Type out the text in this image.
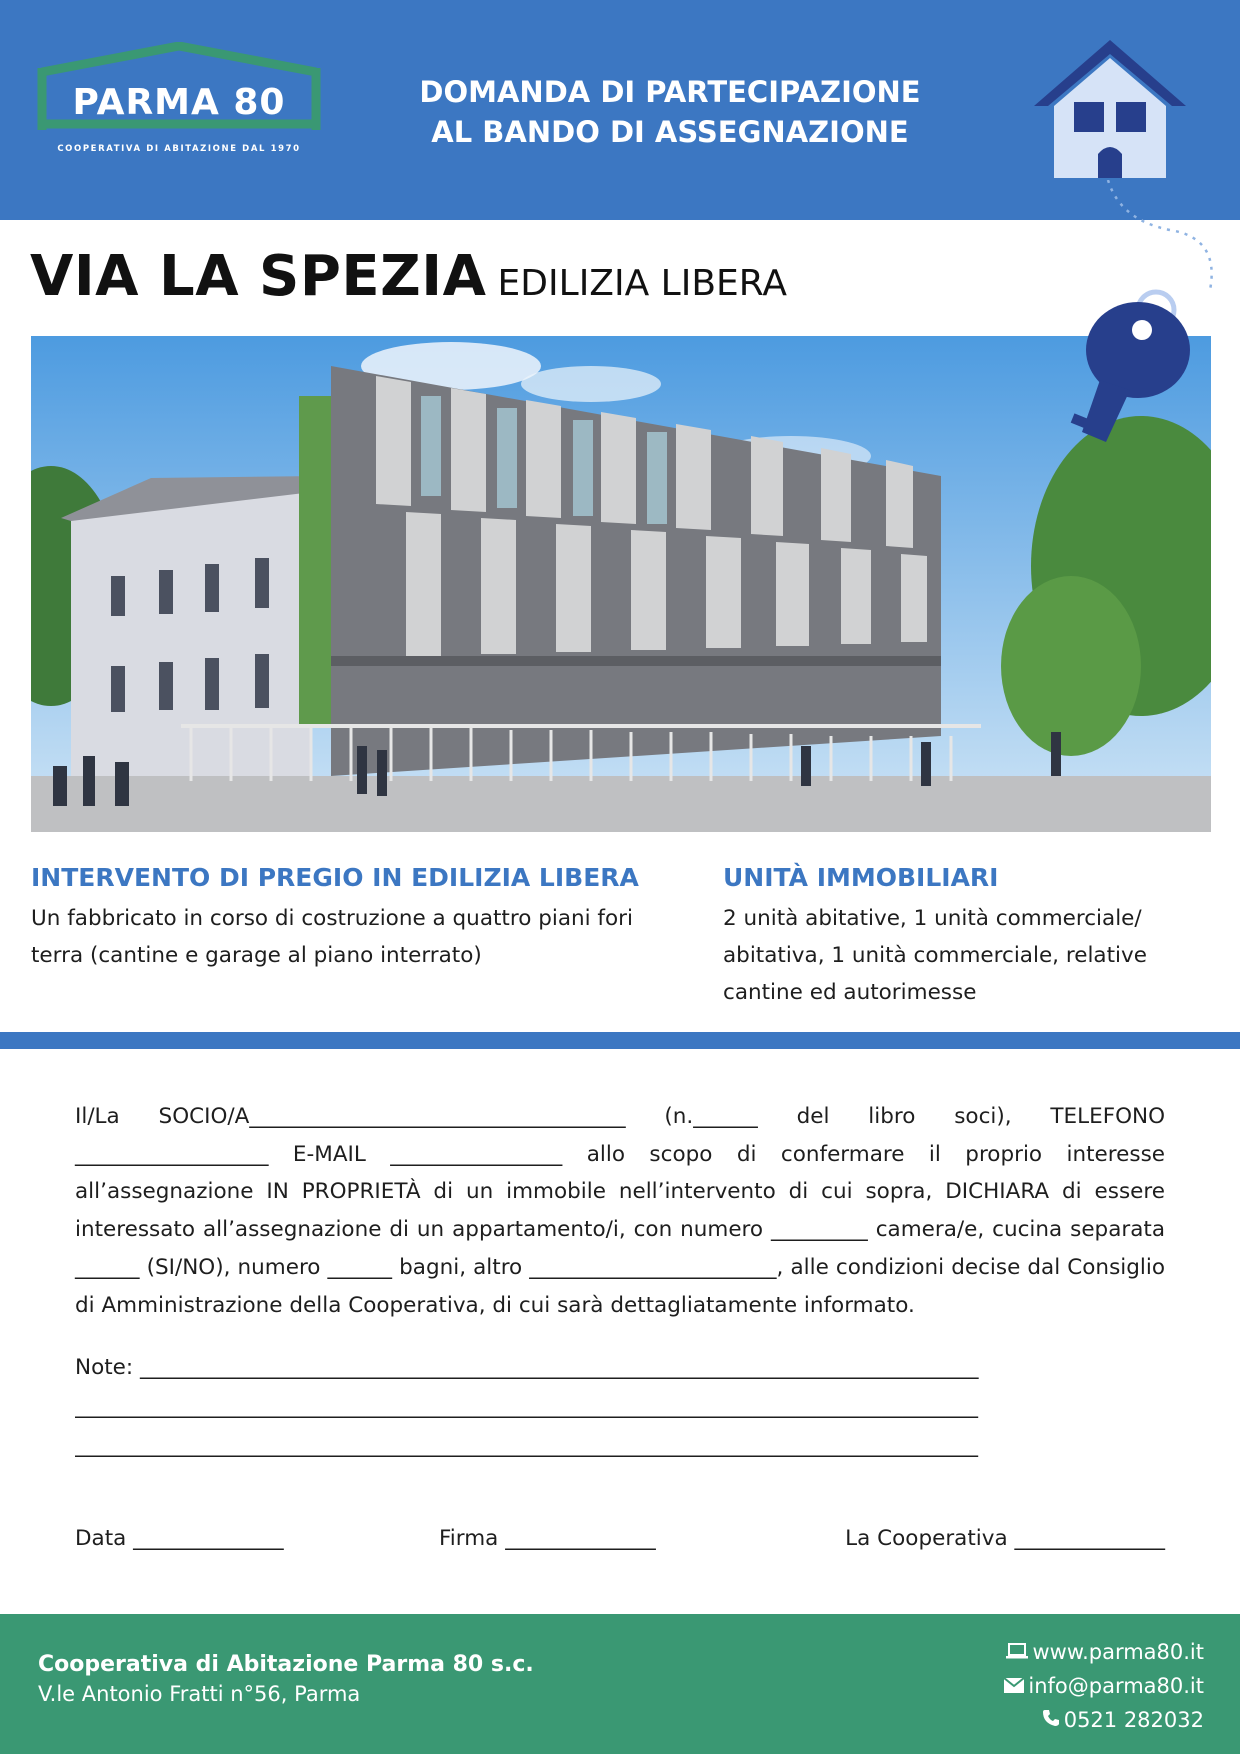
PARMA 80
COOPERATIVA DI ABITAZIONE DAL 1970
DOMANDA DI PARTECIPAZIONE
AL BANDO DI ASSEGNAZIONE
VIA LA SPEZIA EDILIZIA LIBERA
INTERVENTO DI PREGIO IN EDILIZIA LIBERA

Un fabbricato in corso di costruzione a quattro piani fori terra (cantine e garage al piano interrato)

UNITÀ IMMOBILIARI

2 unità abitative, 1 unità commerciale/ abitativa, 1 unità commerciale, relative cantine ed autorimesse

Il/La SOCIO/A___________________________________ (n.______ del libro soci), TELEFONO __________________ E-MAIL ________________ allo scopo di confermare il proprio interesse all’assegnazione IN PROPRIETÀ di un immobile nell’intervento di cui sopra, DICHIARA di essere interessato all’assegnazione di un appartamento/i, con numero _________ camera/e, cucina separata ______ (SI/NO), numero ______ bagni, altro _______________________, alle condizioni decise dal Consiglio di Amministrazione della Cooperativa, di cui sarà dettagliatamente informato.

Note: ______________________________________________________________________________
____________________________________________________________________________________
____________________________________________________________________________________
Data ______________	Firma ______________	La Cooperativa ______________
Cooperativa di Abitazione Parma 80 s.c.
V.le Antonio Fratti n°56, Parma
www.parma80.it
info@parma80.it
0521 282032
